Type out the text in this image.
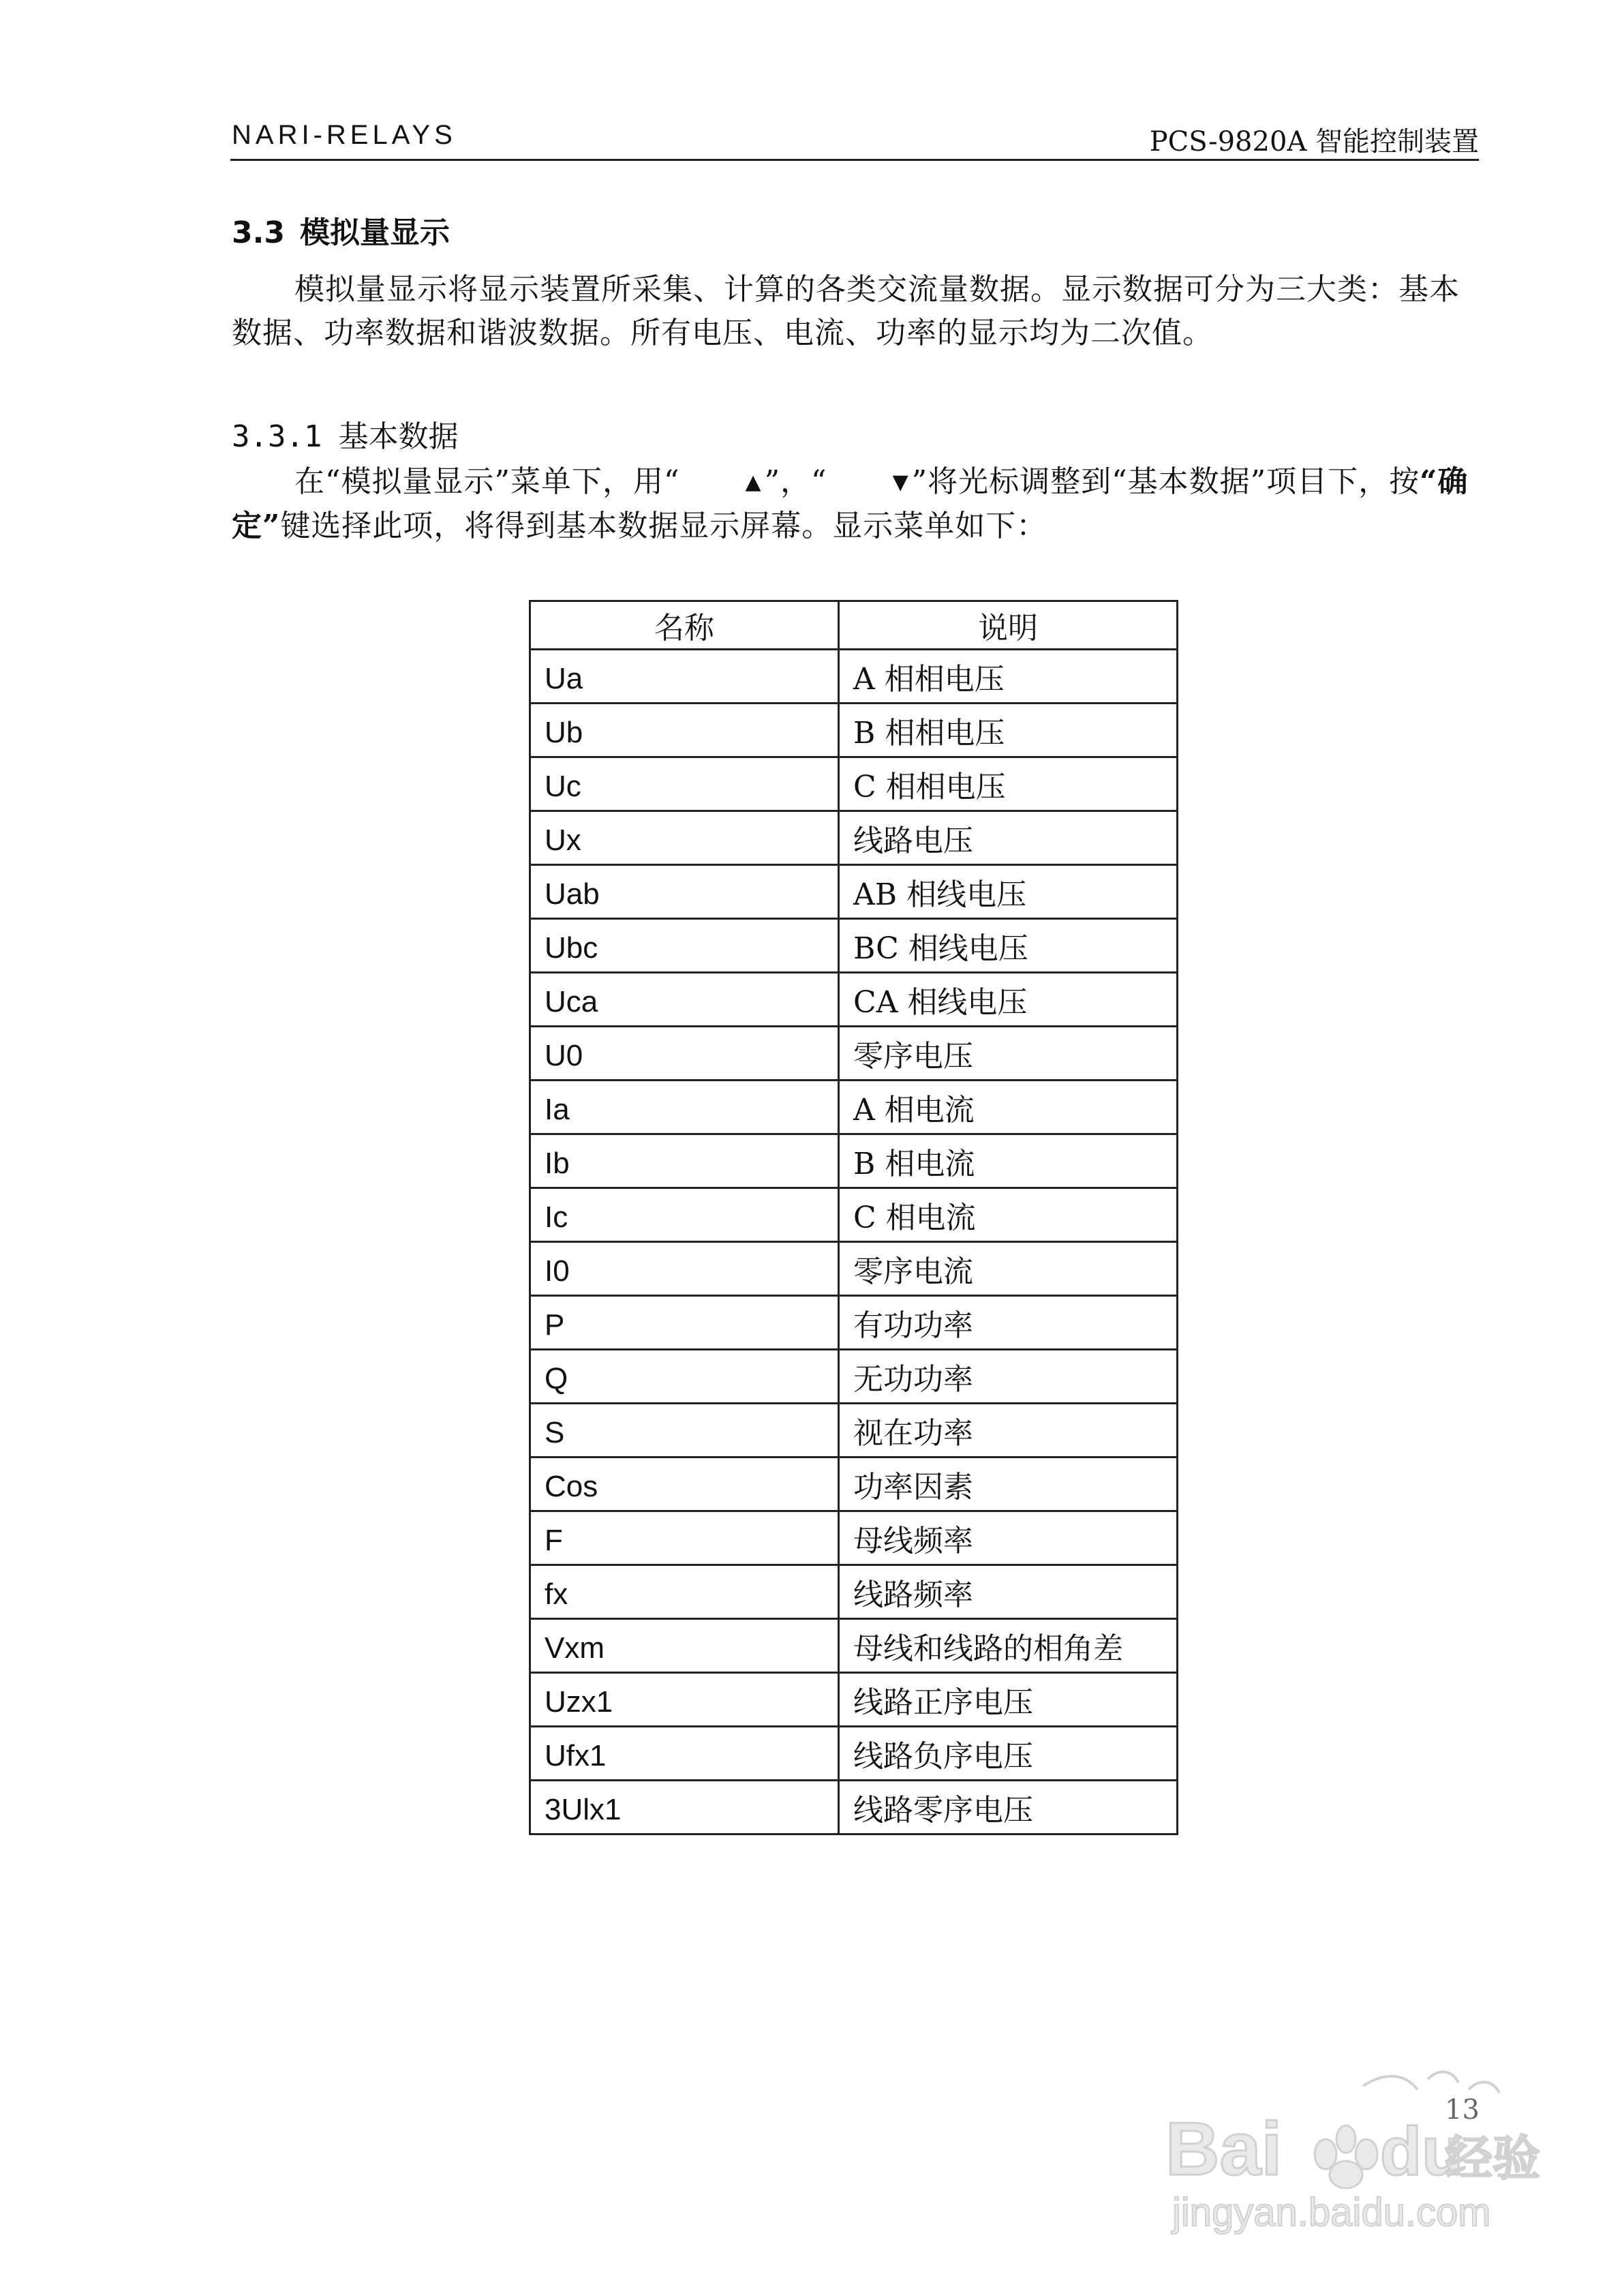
NARI-RELAYS	PCS-9820A 智能控制装置
3.3 模拟量显示

模拟量显示将显示装置所采集、计算的各类交流量数据。显示数据可分为三大类：基本数据、功率数据和谐波数据。所有电压、电流、功率的显示均为二次值。

3.3.1 基本数据

在“模拟量显示”菜单下，用“	▲”，“	▼”将光标调整到“基本数据”项目下，按“确定”键选择此项，将得到基本数据显示屏幕。显示菜单如下：

名称	说明
Ua	A 相相电压
Ub	B 相相电压
Uc	C 相相电压
Ux	线路电压
Uab	AB 相线电压
Ubc	BC 相线电压
Uca	CA 相线电压
U0	零序电压
Ia	A 相电流
Ib	B 相电流
Ic	C 相电流
I0	零序电流
P	有功功率
Q	无功功率
S	视在功率
Cos	功率因素
F	母线频率
fx	线路频率
Vxm	母线和线路的相角差
Uzx1	线路正序电压
Ufx1	线路负序电压
3Ulx1	线路零序电压
13
Bai du
经验
jingyan.baidu.com
